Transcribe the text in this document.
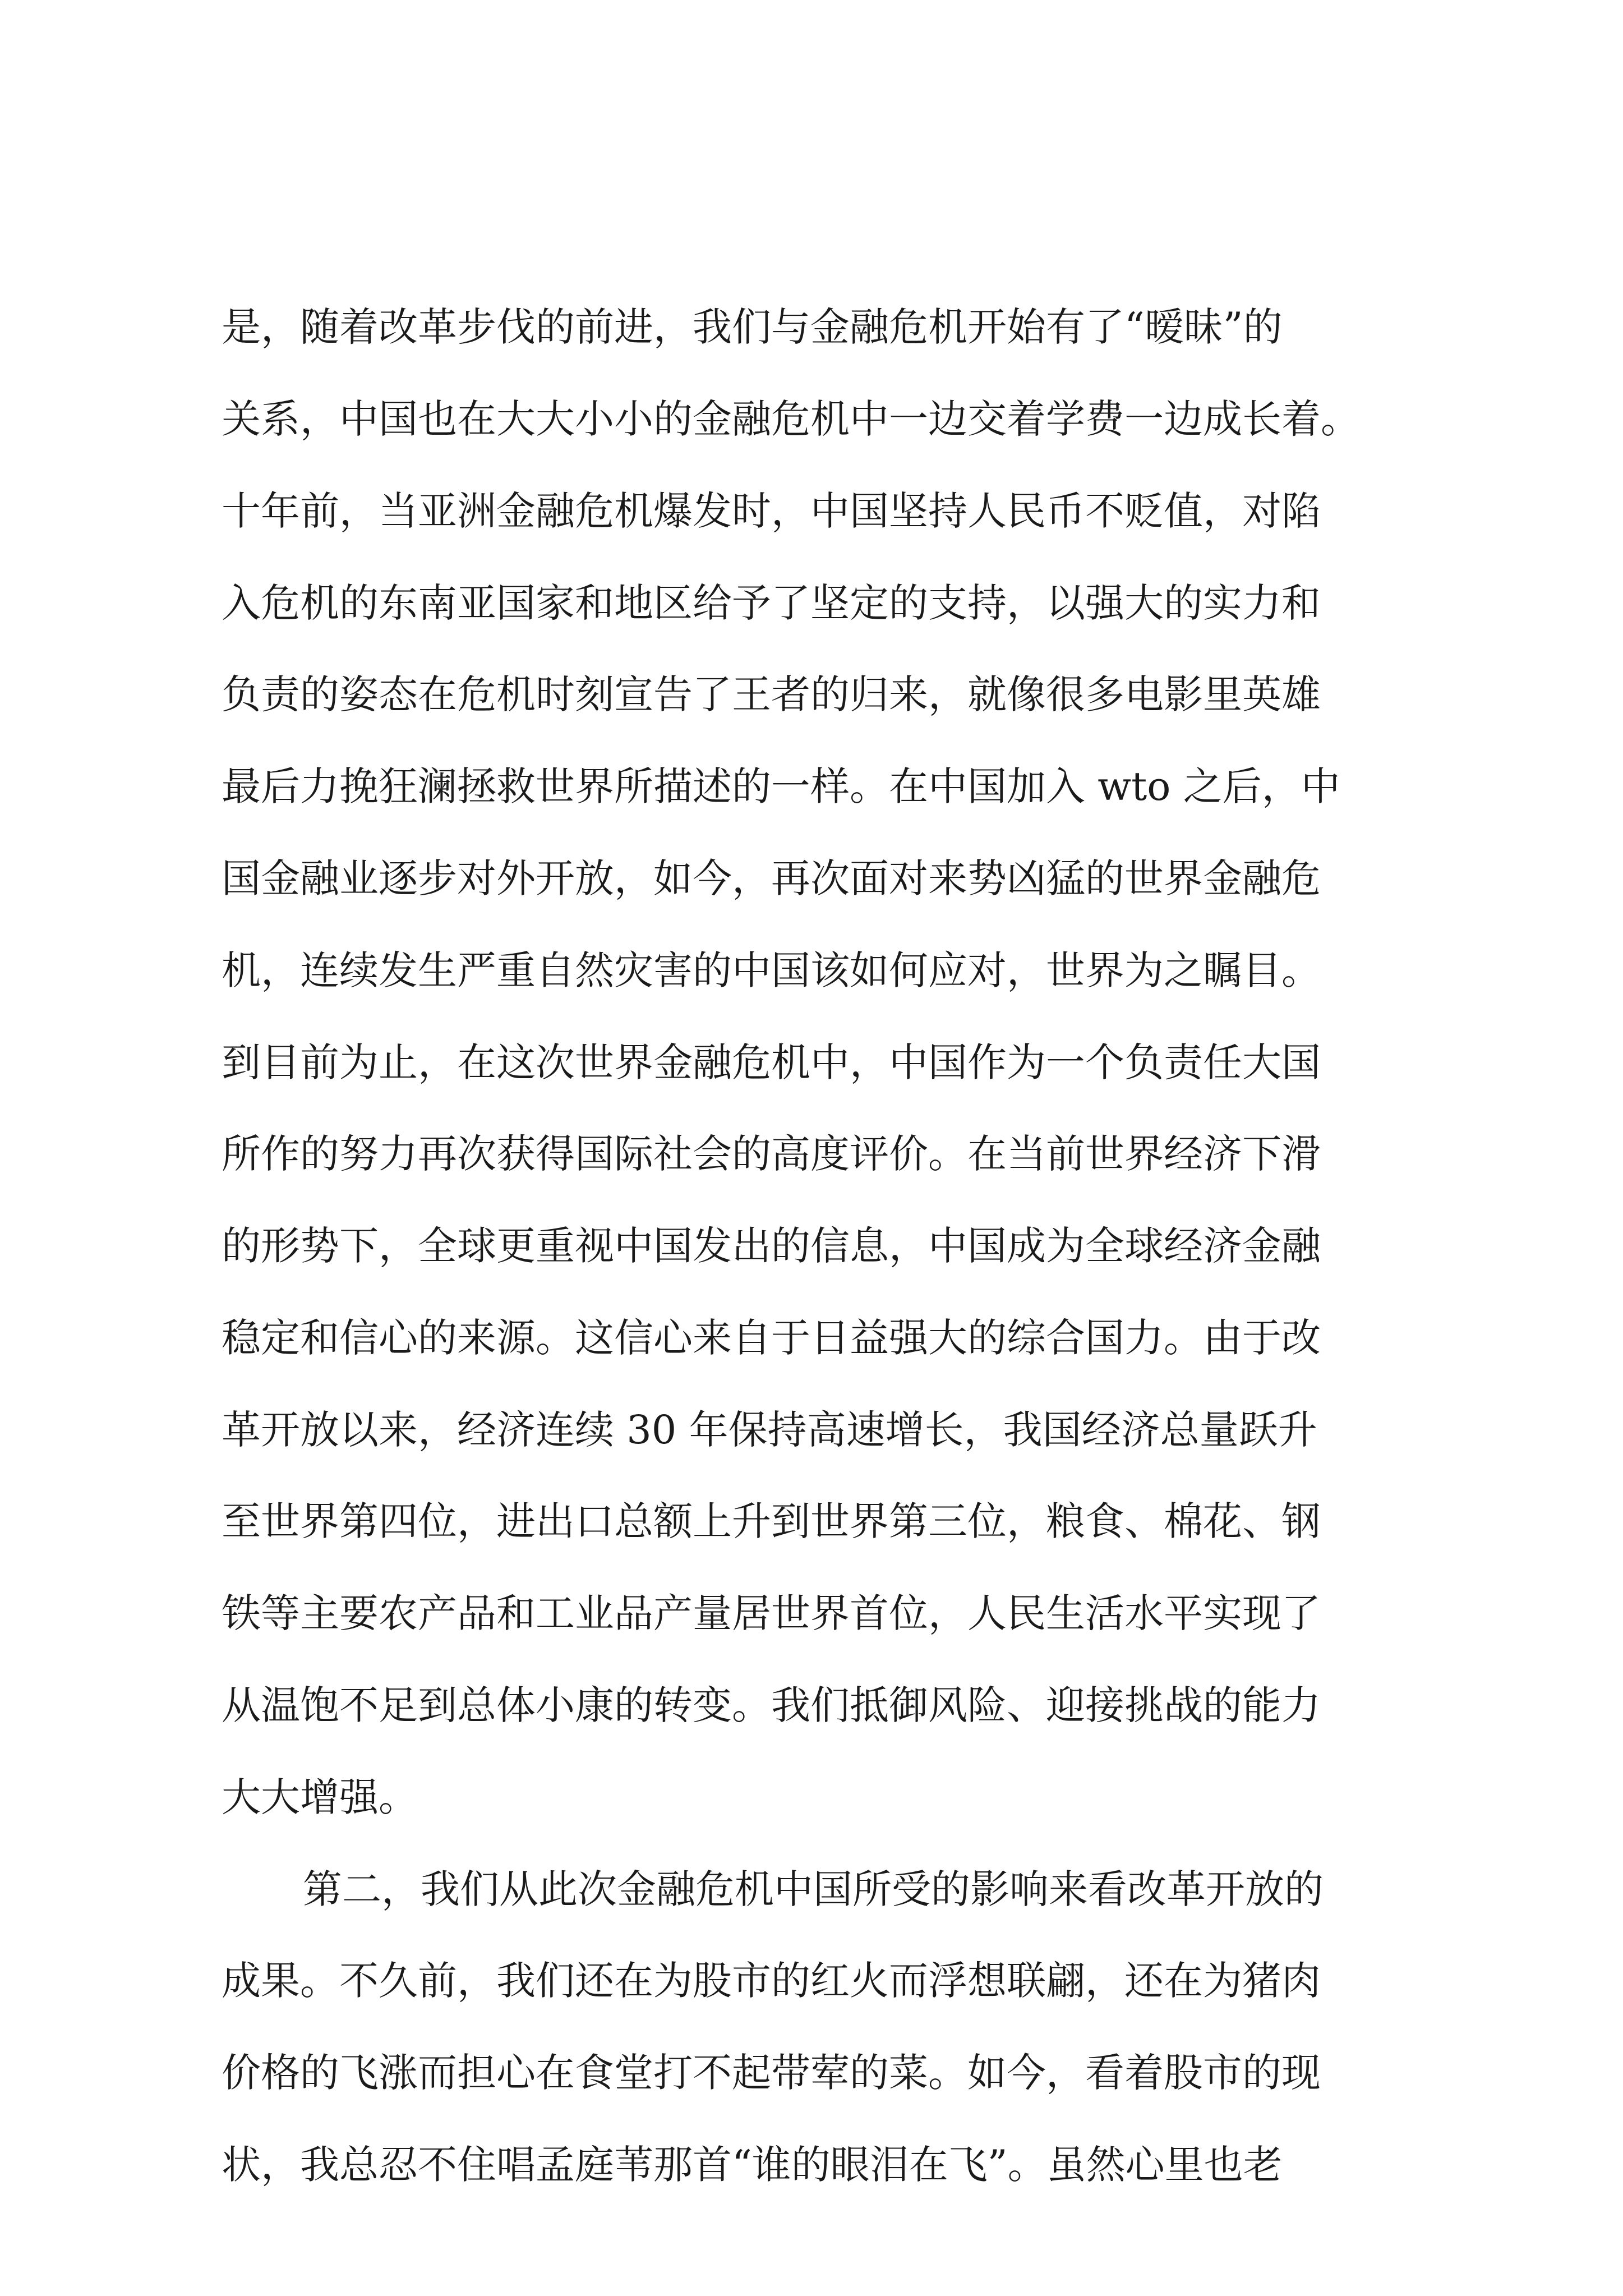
是，随着改革步伐的前进，我们与金融危机开始有了“暧昧”的
关系，中国也在大大小小的金融危机中一边交着学费一边成长着。
十年前，当亚洲金融危机爆发时，中国坚持人民币不贬值，对陷
入危机的东南亚国家和地区给予了坚定的支持，以强大的实力和
负责的姿态在危机时刻宣告了王者的归来，就像很多电影里英雄
最后力挽狂澜拯救世界所描述的一样。在中国加入 wto 之后，中
国金融业逐步对外开放，如今，再次面对来势凶猛的世界金融危
机，连续发生严重自然灾害的中国该如何应对，世界为之瞩目。
到目前为止，在这次世界金融危机中，中国作为一个负责任大国
所作的努力再次获得国际社会的高度评价。在当前世界经济下滑
的形势下，全球更重视中国发出的信息，中国成为全球经济金融
稳定和信心的来源。这信心来自于日益强大的综合国力。由于改
革开放以来，经济连续 30 年保持高速增长，我国经济总量跃升
至世界第四位，进出口总额上升到世界第三位，粮食、棉花、钢
铁等主要农产品和工业品产量居世界首位，人民生活水平实现了
从温饱不足到总体小康的转变。我们抵御风险、迎接挑战的能力
大大增强。
第二，我们从此次金融危机中国所受的影响来看改革开放的
成果。不久前，我们还在为股市的红火而浮想联翩，还在为猪肉
价格的飞涨而担心在食堂打不起带荤的菜。如今，看着股市的现
状，我总忍不住唱孟庭苇那首“谁的眼泪在飞”。虽然心里也老
